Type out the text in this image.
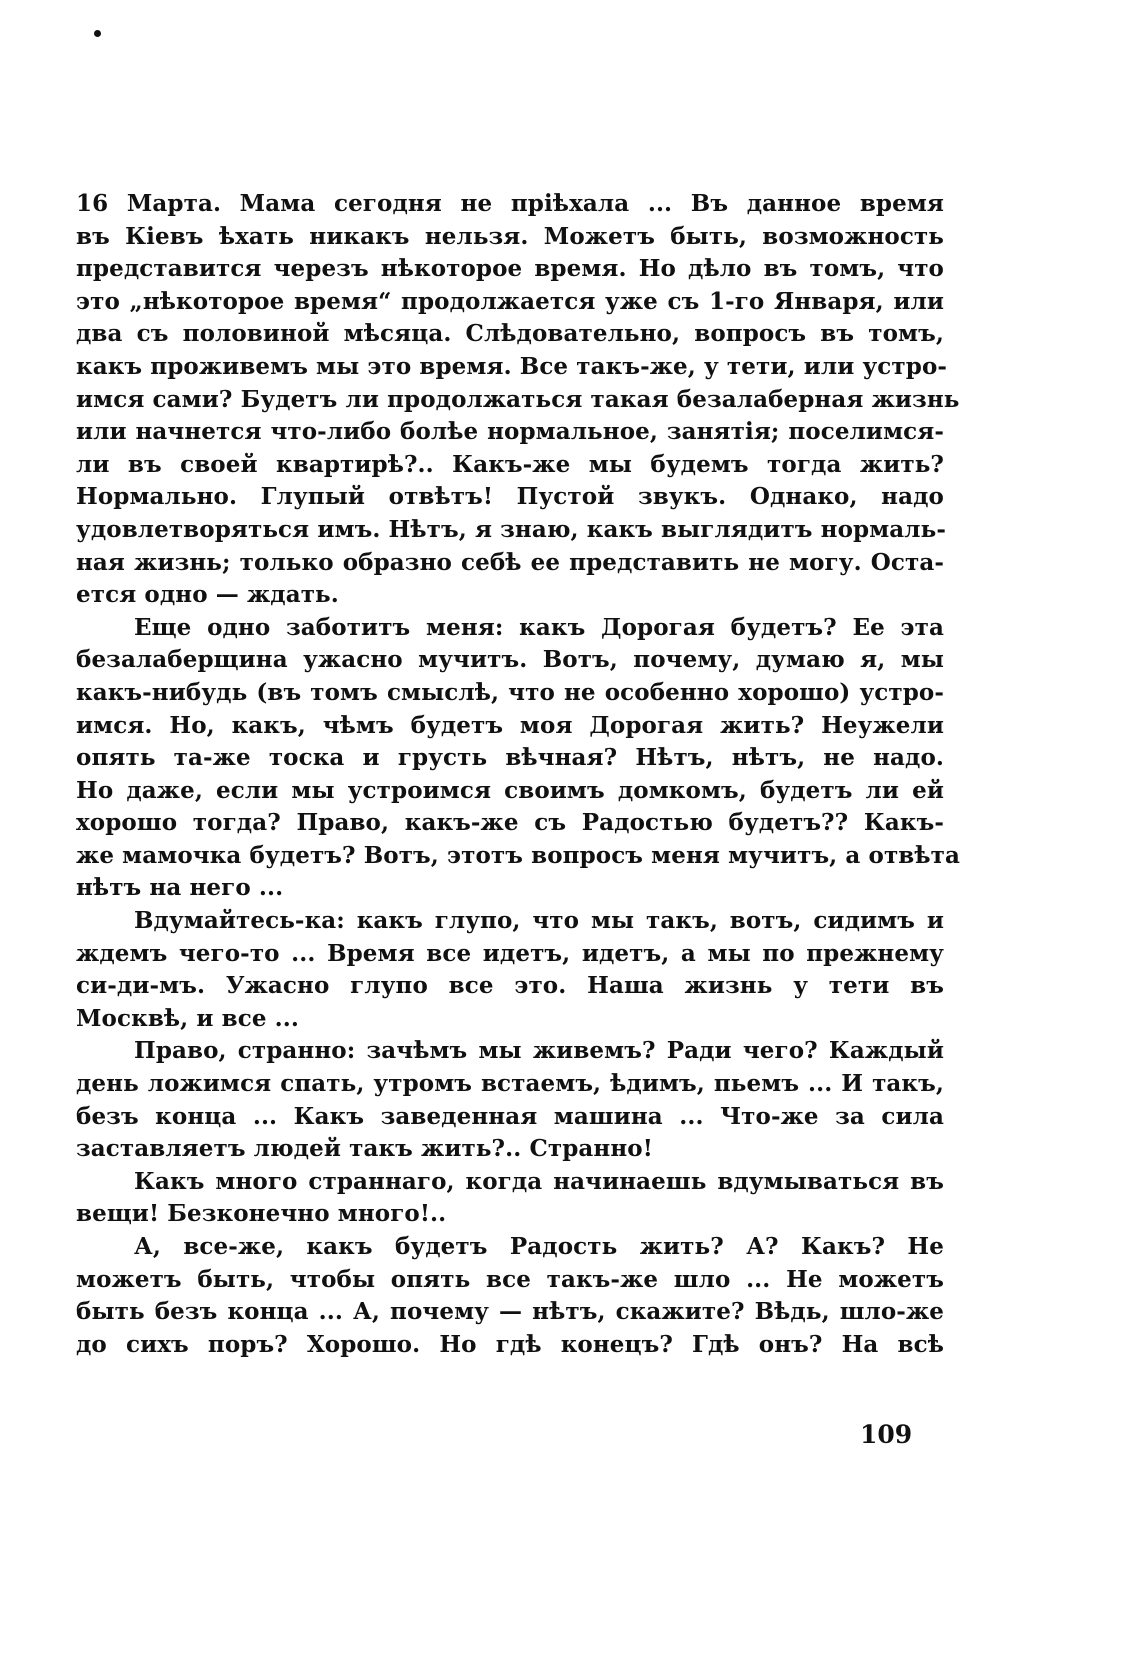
16 Марта. Мама сегодня не пріѣхала ... Въ данное время
въ Кіевъ ѣхать никакъ нельзя. Можетъ быть, возможность
представится черезъ нѣкоторое время. Но дѣло въ томъ, что
это „нѣкоторое время“ продолжается уже съ 1-го Января, или
два съ половиной мѣсяца. Слѣдовательно, вопросъ въ томъ,
какъ проживемъ мы это время. Все такъ-же, у тети, или устро-
имся сами? Будетъ ли продолжаться такая безалаберная жизнь
или начнется что-либо болѣе нормальное, занятія; поселимся-
ли въ своей квартирѣ?.. Какъ-же мы будемъ тогда жить?
Нормально. Глупый отвѣтъ! Пустой звукъ. Однако, надо
удовлетворяться имъ. Нѣтъ, я знаю, какъ выглядитъ нормаль-
ная жизнь; только образно себѣ ее представить не могу. Оста-
ется одно — ждать.
Еще одно заботитъ меня: какъ Дорогая будетъ? Ее эта
безалаберщина ужасно мучитъ. Вотъ, почему, думаю я, мы
какъ-нибудь (въ томъ смыслѣ, что не особенно хорошо) устро-
имся. Но, какъ, чѣмъ будетъ моя Дорогая жить? Неужели
опять та-же тоска и грусть вѣчная? Нѣтъ, нѣтъ, не надо.
Но даже, если мы устроимся своимъ домкомъ, будетъ ли ей
хорошо тогда? Право, какъ-же съ Радостью будетъ?? Какъ-
же мамочка будетъ? Вотъ, этотъ вопросъ меня мучитъ, а отвѣта
нѣтъ на него ...
Вдумайтесь-ка: какъ глупо, что мы такъ, вотъ, сидимъ и
ждемъ чего-то ... Время все идетъ, идетъ, а мы по прежнему
си-ди-мъ. Ужасно глупо все это. Наша жизнь у тети въ
Москвѣ, и все ...
Право, странно: зачѣмъ мы живемъ? Ради чего? Каждый
день ложимся спать, утромъ встаемъ, ѣдимъ, пьемъ ... И такъ,
безъ конца ... Какъ заведенная машина ... Что-же за сила
заставляетъ людей такъ жить?.. Странно!
Какъ много страннаго, когда начинаешь вдумываться въ
вещи! Безконечно много!..
А, все-же, какъ будетъ Радость жить? А? Какъ? Не
можетъ быть, чтобы опять все такъ-же шло ... Не можетъ
быть безъ конца ... А, почему — нѣтъ, скажите? Вѣдь, шло-же
до сихъ поръ? Хорошо. Но гдѣ конецъ? Гдѣ онъ? На всѣ
109
